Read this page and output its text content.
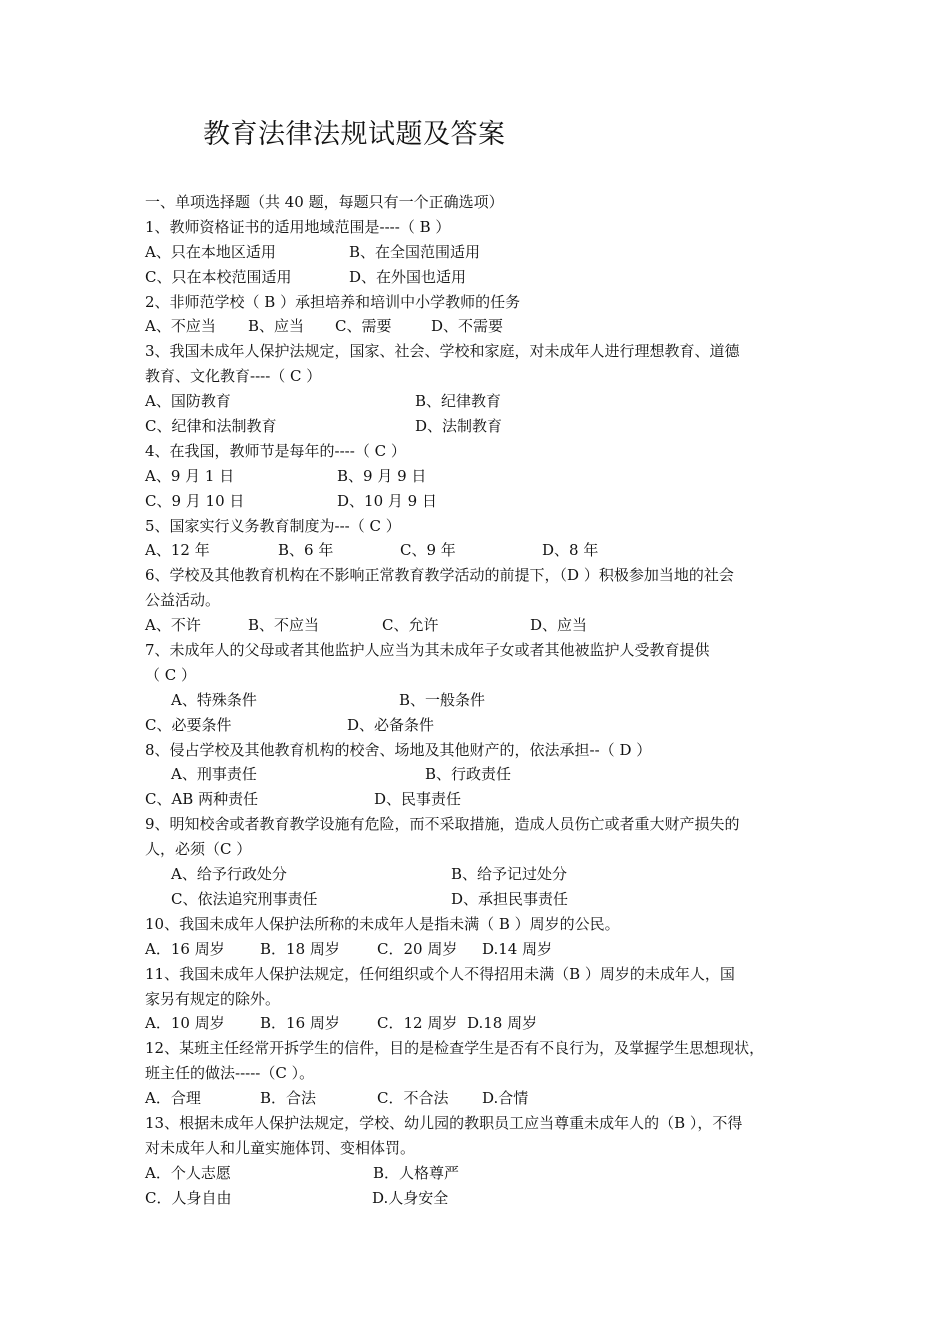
教育法律法规试题及答案
一、单项选择题（共 40 题，每题只有一个正确选项）
1、教师资格证书的适用地域范围是----（ B ）
A、只在本地区适用	B、在全国范围适用
C、只在本校范围适用	D、在外国也适用
2、非师范学校（ B ）承担培养和培训中小学教师的任务
A、不应当 B、应当 C、需要	D、不需要
3、我国未成年人保护法规定，国家、社会、学校和家庭，对未成年人进行理想教育、道德
教育、文化教育----（ C ）
A、国防教育	B、纪律教育
C、纪律和法制教育	D、法制教育
4、在我国，教师节是每年的----（ C ）
A、9 月 1 日	B、9 月 9 日
C、9 月 10 日	D、10 月 9 日
5、国家实行义务教育制度为---（ C ）
A、12 年	B、6 年	C、9 年	D、8 年
6、学校及其他教育机构在不影响正常教育教学活动的前提下，（D ）积极参加当地的社会
公益活动。
A、不许	B、不应当	C、允许	D、应当
7、未成年人的父母或者其他监护人应当为其未成年子女或者其他被监护人受教育提供
（ C ）
A、特殊条件	B、一般条件
C、必要条件	D、必备条件
8、侵占学校及其他教育机构的校舍、场地及其他财产的，依法承担--（ D ）
A、刑事责任	B、行政责任
C、AB 两种责任	D、民事责任
9、明知校舍或者教育教学设施有危险，而不采取措施，造成人员伤亡或者重大财产损失的
人，必须（C ）
A、给予行政处分	B、给予记过处分
C、依法追究刑事责任	D、承担民事责任
10、我国未成年人保护法所称的未成年人是指未满（ B ）周岁的公民。
A．16 周岁 B．18 周岁 C．20 周岁 D.14 周岁
11、我国未成年人保护法规定，任何组织或个人不得招用未满（B ）周岁的未成年人，国
家另有规定的除外。
A．10 周岁 B．16 周岁 C．12 周岁 D.18 周岁
12、某班主任经常开拆学生的信件，目的是检查学生是否有不良行为，及掌握学生思想现状，
班主任的做法-----（C ）。
A．合理	B．合法	C．不合法 D.合情
13、根据未成年人保护法规定，学校、幼儿园的教职员工应当尊重未成年人的（B ），不得
对未成年人和儿童实施体罚、变相体罚。
A．个人志愿	B．人格尊严
C．人身自由	D.人身安全
